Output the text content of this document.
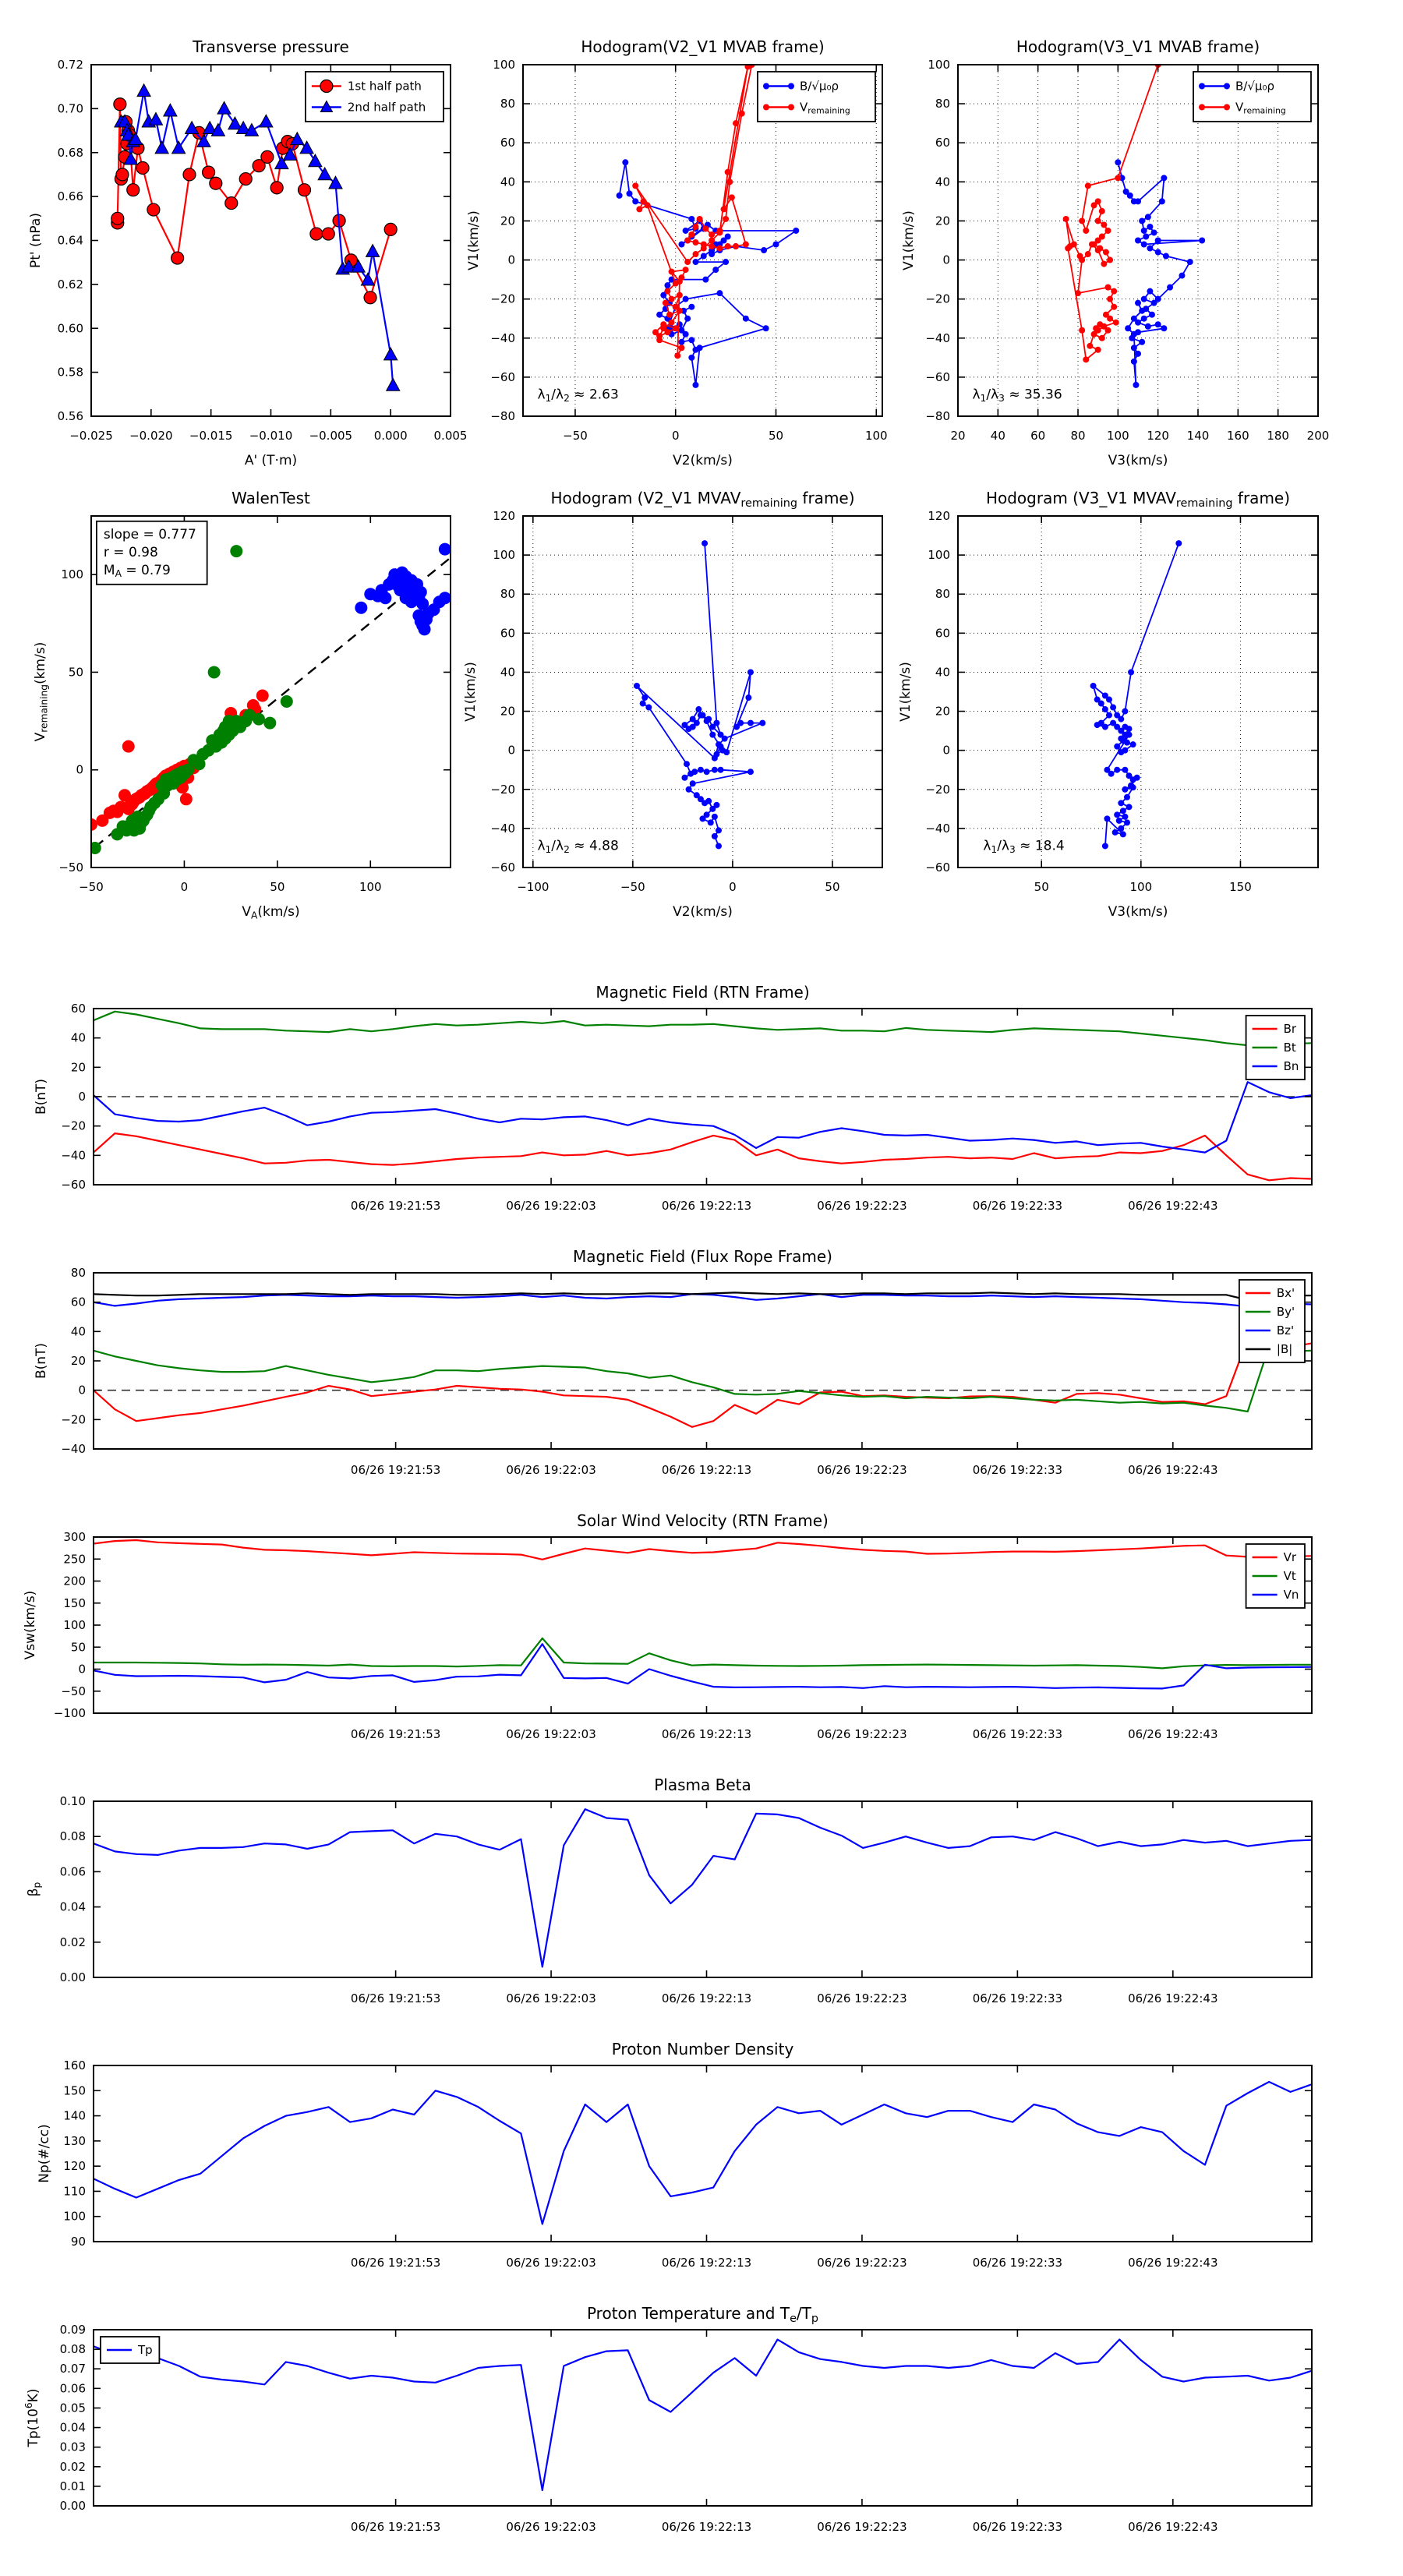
−0.025 −0.020 −0.015 −0.010 −0.005 0.000 0.005
0.56
0.58
0.60
0.62
0.64
0.66
0.68
0.70
0.72
Transverse pressure
A' (T·m)
Pt' (nPa)
1st half path
2nd half path
−50	0	50	100
−80
−60
−40
−20
0
20
40
60
80
100
Hodogram(V2_V1 MVAB frame)
V2(km/s)
V1(km/s)
B/√μ₀ρ
$V_{remaining}$
$\lambda_1/\lambda_2 \approx 2.63$
20 40 60 80 100 120 140 160 180 200
−80
−60
−40
−20
0
20
40
60
80
100
Hodogram(V3_V1 MVAB frame)
V3(km/s)
V1(km/s)
B/√μ₀ρ
$V_{remaining}$
$\lambda_1/\lambda_3 \approx 35.36$
−50	0	50	100
−50
0
50
100
WalenTest
$V_A(km/s)$
$V_{remaining}(km/s)$
slope = 0.777
r = 0.98
$M_A = 0.79$
−100	−50	0	50
−60
−40
−20
0
20
40
60
80
100
120
Hodogram (V2_V1 $MVAV_{remaining}$ frame)
V2(km/s)
V1(km/s)
$\lambda_1/\lambda_2 \approx 4.88$
50	100	150
−60
−40
−20
0
20
40
60
80
100
120
Hodogram (V3_V1 $MVAV_{remaining}$ frame)
V3(km/s)
V1(km/s)
$\lambda_1/\lambda_3 \approx 18.4$
06/26 19:21:53	06/26 19:22:03	06/26 19:22:13	06/26 19:22:23	06/26 19:22:33	06/26 19:22:43
−60
−40
−20
0
20
40
60
Magnetic Field (RTN Frame)
B(nT)
Br
Bt
Bn
06/26 19:21:53	06/26 19:22:03	06/26 19:22:13	06/26 19:22:23	06/26 19:22:33	06/26 19:22:43
−40
−20
0
20
40
60
80
Magnetic Field (Flux Rope Frame)
B(nT)
Bx'
By'
Bz'
|B|
06/26 19:21:53	06/26 19:22:03	06/26 19:22:13	06/26 19:22:23	06/26 19:22:33	06/26 19:22:43
−100
−50
0
50
100
150
200
250
300
Solar Wind Velocity (RTN Frame)
Vsw(km/s)
Vr
Vt
Vn
06/26 19:21:53	06/26 19:22:03	06/26 19:22:13	06/26 19:22:23	06/26 19:22:33	06/26 19:22:43
0.00
0.02
0.04
0.06
0.08
0.10
Plasma Beta
$\beta_p$
06/26 19:21:53	06/26 19:22:03	06/26 19:22:13	06/26 19:22:23	06/26 19:22:33	06/26 19:22:43
90
100
110
120
130
140
150
160
Proton Number Density
Np(#/cc)
06/26 19:21:53	06/26 19:22:03	06/26 19:22:13	06/26 19:22:23	06/26 19:22:33	06/26 19:22:43
0.00
0.01
0.02
0.03
0.04
0.05
0.06
0.07
0.08
0.09
Proton Temperature and $T_e/T_p$
$Tp(10^6K)$
Tp
